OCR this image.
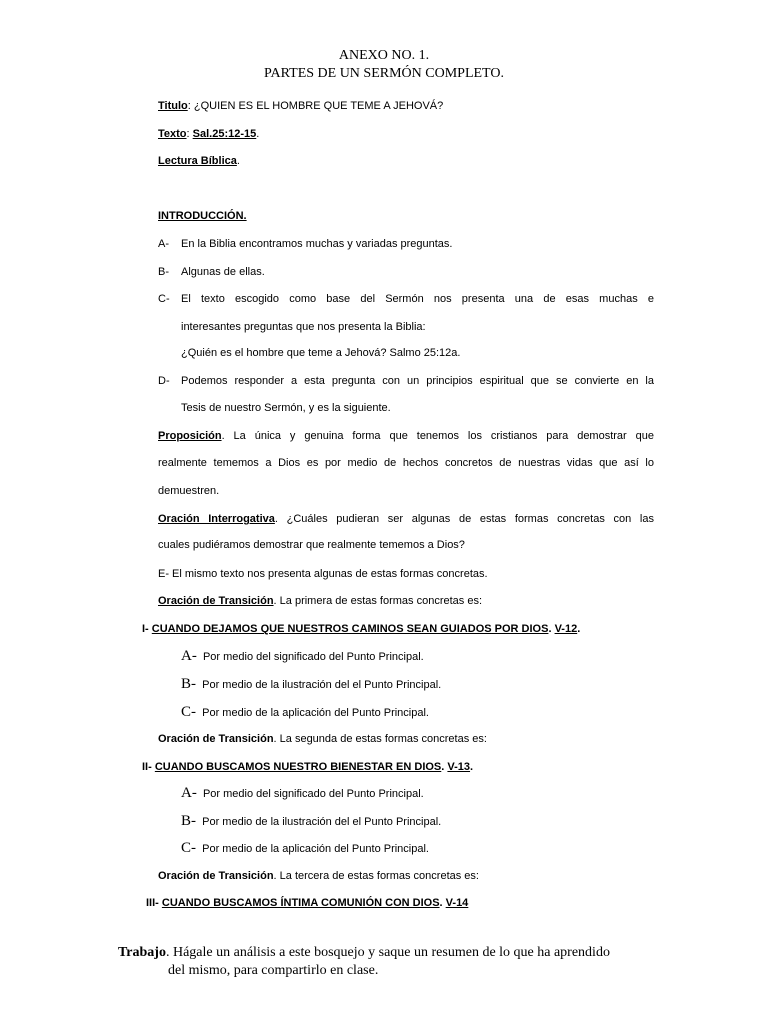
ANEXO NO. 1.
PARTES DE UN SERMÓN COMPLETO.
Titulo: ¿QUIEN ES EL HOMBRE QUE TEME A JEHOVÁ?
Texto: Sal.25:12-15.
Lectura Bíblica.
INTRODUCCIÓN.
A- En la Biblia encontramos muchas y variadas preguntas.
B- Algunas de ellas.
C- El texto escogido como base del Sermón nos presenta una de esas muchas e
interesantes preguntas que nos presenta la Biblia:
¿Quién es el hombre que teme a Jehová? Salmo 25:12a.
D- Podemos responder a esta pregunta con un principios espiritual que se convierte en la
Tesis de nuestro Sermón, y es la siguiente.
Proposición. La única y genuina forma que tenemos los cristianos para demostrar que
realmente tememos a Dios es por medio de hechos concretos de nuestras vidas que así lo
demuestren.
Oración Interrogativa. ¿Cuáles pudieran ser algunas de estas formas concretas con las
cuales pudiéramos demostrar que realmente tememos a Dios?
E- El mismo texto nos presenta algunas de estas formas concretas.
Oración de Transición. La primera de estas formas concretas es:
I- CUANDO DEJAMOS QUE NUESTROS CAMINOS SEAN GUIADOS POR DIOS. V-12.
A- Por medio del significado del Punto Principal.
B- Por medio de la ilustración del el Punto Principal.
C- Por medio de la aplicación del Punto Principal.
Oración de Transición. La segunda de estas formas concretas es:
II- CUANDO BUSCAMOS NUESTRO BIENESTAR EN DIOS. V-13.
A- Por medio del significado del Punto Principal.
B- Por medio de la ilustración del el Punto Principal.
C- Por medio de la aplicación del Punto Principal.
Oración de Transición. La tercera de estas formas concretas es:
III- CUANDO BUSCAMOS ÍNTIMA COMUNIÓN CON DIOS. V-14
Trabajo. Hágale un análisis a este bosquejo y saque un resumen de lo que ha aprendido
del mismo, para compartirlo en clase.
